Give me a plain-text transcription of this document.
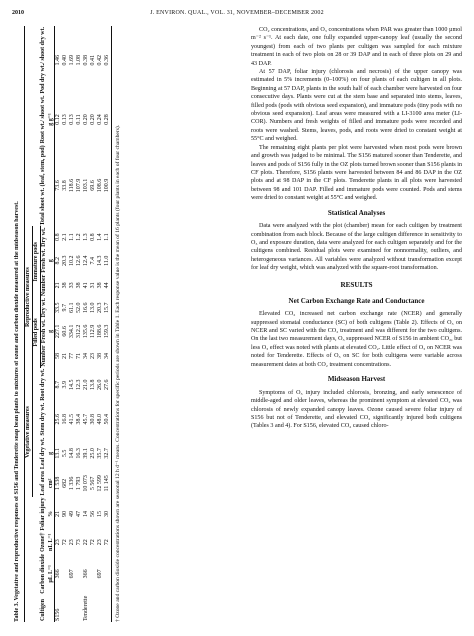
2010	J. ENVIRON. QUAL., VOL. 31, NOVEMBER–DECEMBER 2002
Table 3. Vegetative and reproductive responses of S156 and Tenderette snap bean plants to mixtures of ozone and carbon dioxide measured at the midseason harvest.
				Vegetative measures				Reproductive measures								
								Filled pods			Immature pods					
Cultigen	Carbon dioxide	Ozone†	Foliar injury	Leaf area	Leaf dry wt.	Stem dry wt.	Root dry wt.	Number	Fresh wt.	Dry wt.	Number	Fresh wt.	Dry wt.	Total shoot wt. (leaf, stem, pod)	Root wt./ shoot wt.	Pod dry wt./ shoot dry wt.
	µL L⁻¹	nL L⁻¹	%	cm²	g				g			g			g g⁻¹	
S156	366	23	21	1 538	13.1	25.6	8.7	58	227.1	33.5	21	8.2	0.8	73.6	0.12	1.46
		72	90	682	5.5	16.8	3.9	21	60.6	9.7	38	20.3	2.1	33.8	0.13	0.40
	697	23	49	1 336	14.8	41.5	14.5	77	334.1	61.1	33	10.2	1.1	118.6	0.13	1.69
		73	47	1 793	16.3	38.4	12.3	71	312.2	52.0	38	12.6	1.2	107.9	0.11	1.08
Tenderette	366	22	14	10 073	39.1	45.7	21.0	34	135.6	16.6	41	12.4	1.3	103.1	0.20	0.38
		72	56	5 567	25.0	30.8	13.8	23	112.9	13.0	31	7.4	0.8	69.6	0.20	0.41
	697	23	15	12 599	35.7	48.0	26.0	38	188.6	20.3	38	14.3	1.4	108.6	0.24	0.42
		72	30	11 145	32.7	50.4	27.6	34	159.3	15.7	44	11.0	1.1	100.9	0.28	0.36
† Ozone and carbon dioxide concentrations shown are seasonal 12 h d⁻¹ means. Concentrations for specific periods are shown in Table 1. Each response value is the mean of 16 plants (four plants in each of four chambers).

CO₂ concentrations, and O₃ concentrations when PAR was greater than 1000 µmol m⁻² s⁻¹. At each date, one fully expanded upper-canopy leaf (usually the second youngest) from each of two plants per cultigen was sampled for each mixture treatment in each of two plots on 28 or 39 DAP and in each of three plots on 29 and 43 DAP.

At 57 DAP, foliar injury (chlorosis and necrosis) of the upper canopy was estimated in 5% increments (0–100%) on four plants of each cultigen in all plots. Beginning at 57 DAP, plants in the south half of each chamber were harvested on four consecutive days. Plants were cut at the stem base and separated into stems, leaves, filled pods (pods with obvious seed expansion), and immature pods (tiny pods with no obvious seed expansion). Leaf areas were measured with a LI-3100 area meter (LI-COR). Numbers and fresh weights of filled and immature pods were recorded and roots were washed. Stems, leaves, pods, and roots were dried to constant weight at 55°C and weighed.

The remaining eight plants per plot were harvested when most pods were brown and growth was judged to be minimal. The S156 matured sooner than Tenderette, and leaves and pods of S156 fully in the OZ plots turned brown sooner than S156 plants in CF plots. Therefore, S156 plants were harvested between 84 and 86 DAP in the OZ plots and at 98 DAP in the CF plots. Tenderette plants in all plots were harvested between 98 and 101 DAP. Filled and immature pods were counted. Pods and stems were dried to constant weight at 55°C and weighed.

Statistical Analyses

Data were analyzed with the plot (chamber) mean for each cultigen by treatment combination from each block. Because of the large cultigen difference in sensitivity to O₃ and exposure duration, data were analyzed for each cultigen separately and for the cultigens combined. Residual plots were examined for nonnormality, outliers, and heterogeneous variances. All variables were analyzed without transformation except for leaf dry weight, which was analyzed with the square-root transformation.

RESULTS
Net Carbon Exchange Rate and Conductance

Elevated CO₂ increased net carbon exchange rate (NCER) and generally suppressed stomatal conductance (SC) of both cultigens (Table 2). Effects of O₃ on NCER and SC varied with the CO₂ treatment and was different for the two cultigens. On the last two measurement days, O₃ suppressed NCER of S156 in ambient CO₂, but less O₃ effect was noted with plants at elevated CO₂. Little effect of O₃ on NCER was noted for Tenderette. Effects of O₃ on SC for both cultigens were variable across measurement dates at both CO₂ treatment concentrations.

Midseason Harvest

Symptoms of O₃ injury included chlorosis, bronzing, and early senescence of middle-aged and older leaves, whereas the prominent symptom at elevated CO₂ was chlorosis of newly expanded canopy leaves. Ozone caused severe foliar injury of S156 but not of Tenderette, and elevated CO₂ significantly injured both cultigens (Tables 3 and 4). For S156, elevated CO₂ caused chloro-
